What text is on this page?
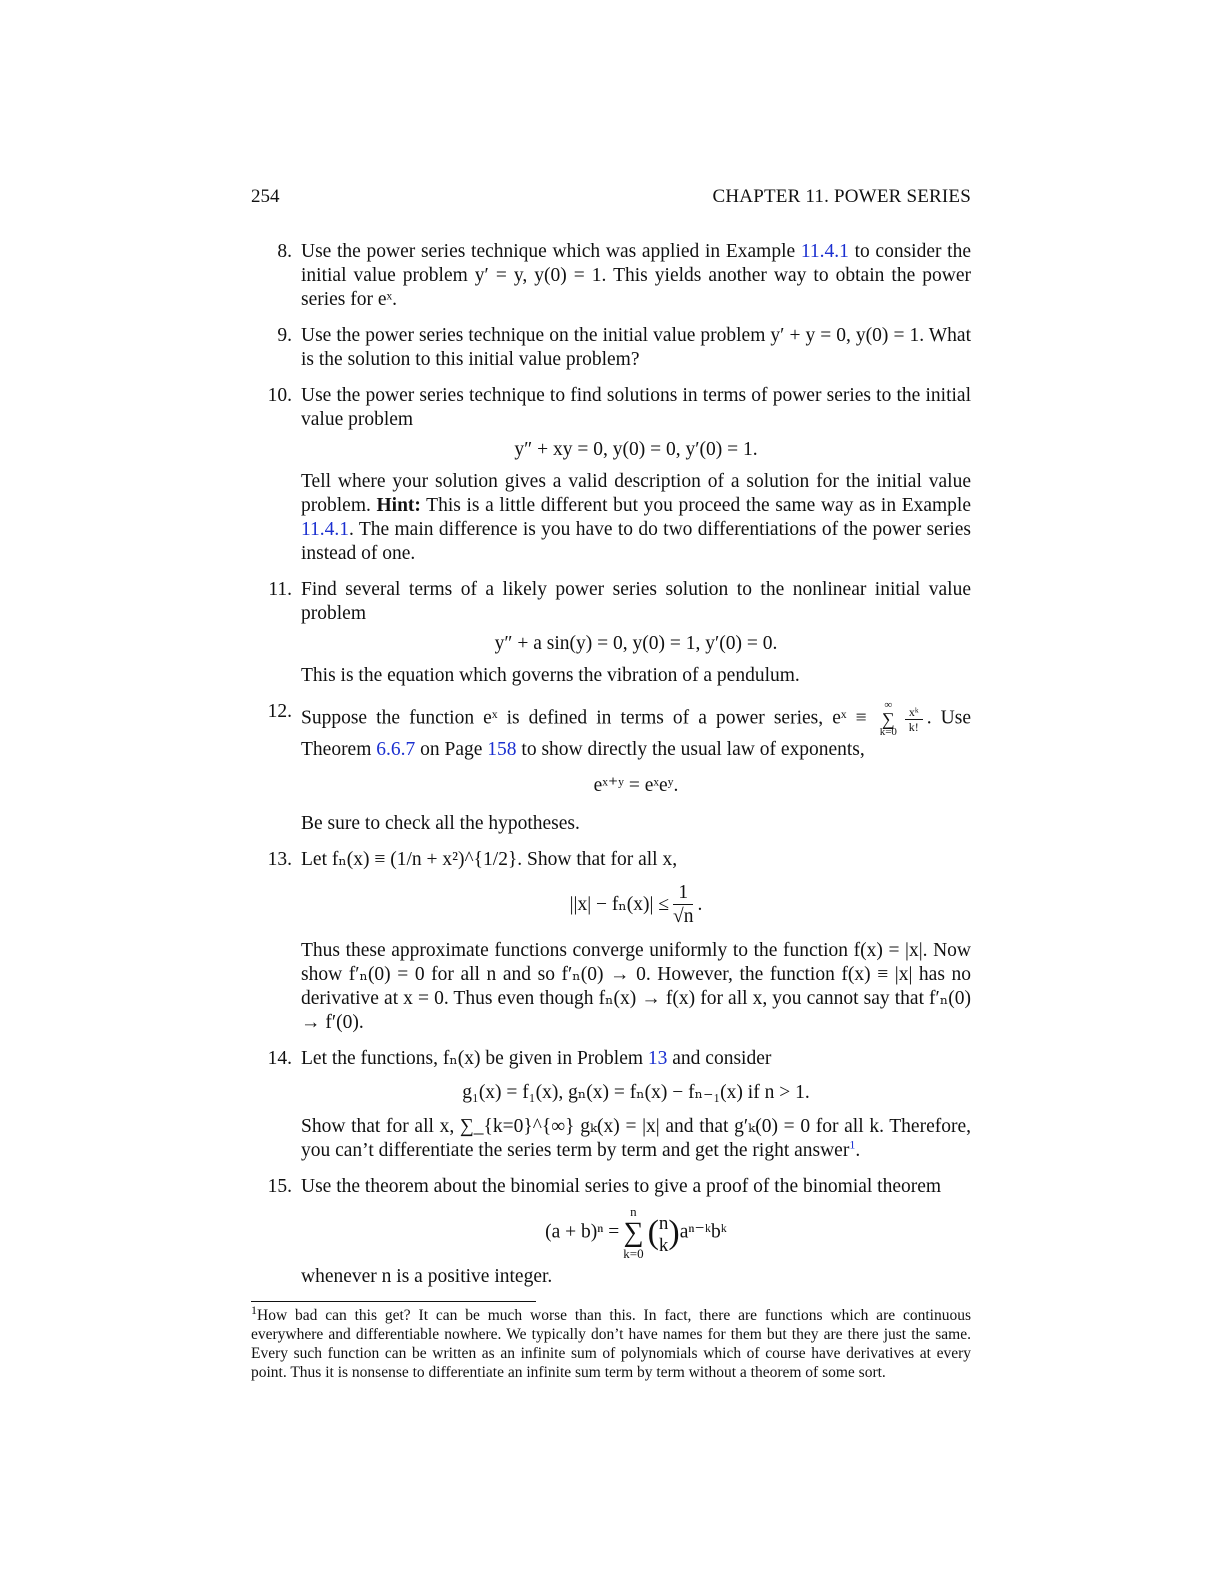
254	CHAPTER 11. POWER SERIES
8. Use the power series technique which was applied in Example 11.4.1 to consider the initial value problem y′ = y, y(0) = 1. This yields another way to obtain the power series for eˣ.

9. Use the power series technique on the initial value problem y′ + y = 0, y(0) = 1. What is the solution to this initial value problem?

10. Use the power series technique to find solutions in terms of power series to the initial value problem

y″ + xy = 0, y(0) = 0, y′(0) = 1.

Tell where your solution gives a valid description of a solution for the initial value problem. Hint: This is a little different but you proceed the same way as in Example 11.4.1. The main difference is you have to do two differentiations of the power series instead of one.

11. Find several terms of a likely power series solution to the nonlinear initial value problem

y″ + a sin(y) = 0, y(0) = 1, y′(0) = 0.

This is the equation which governs the vibration of a pendulum.

12. Suppose the function eˣ is defined in terms of a power series, eˣ ≡ ∞
∑
$k=0 \frac{\text{xᵏ}}{k!}$ . Use Theorem 6.6.7 on Page 158 to show directly the usual law of exponents,

eˣ⁺ʸ = eˣeʸ.

Be sure to check all the hypotheses.

13. Let fₙ(x) ≡ (1/n + x²)^{1/2}. Show that for all x,

$||x| - f_n(x)| \le \frac{1}{√n}$ .

Thus these approximate functions converge uniformly to the function f(x) = |x|. Now show f′ₙ(0) = 0 for all n and so f′ₙ(0) → 0. However, the function f(x) ≡ |x| has no derivative at x = 0. Thus even though fₙ(x) → f(x) for all x, you cannot say that f′ₙ(0) → f′(0).

14. Let the functions, fₙ(x) be given in Problem 13 and consider

g₁(x) = f₁(x), gₙ(x) = fₙ(x) − fₙ₋₁(x) if n > 1.

Show that for all x, ∑_{k=0}^{∞} gₖ(x) = |x| and that g′ₖ(0) = 0 for all k. Therefore, you can’t differentiate the series term by term and get the right answer$^1$.

15. Use the theorem about the binomial series to give a proof of the binomial theorem

(a + b)ⁿ =n
∑
k=0( n
k )aⁿ⁻ᵏbᵏ

whenever n is a positive integer.

$^1$How bad can this get? It can be much worse than this. In fact, there are functions which are continuous everywhere and differentiable nowhere. We typically don’t have names for them but they are there just the same. Every such function can be written as an infinite sum of polynomials which of course have derivatives at every point. Thus it is nonsense to differentiate an infinite sum term by term without a theorem of some sort.
